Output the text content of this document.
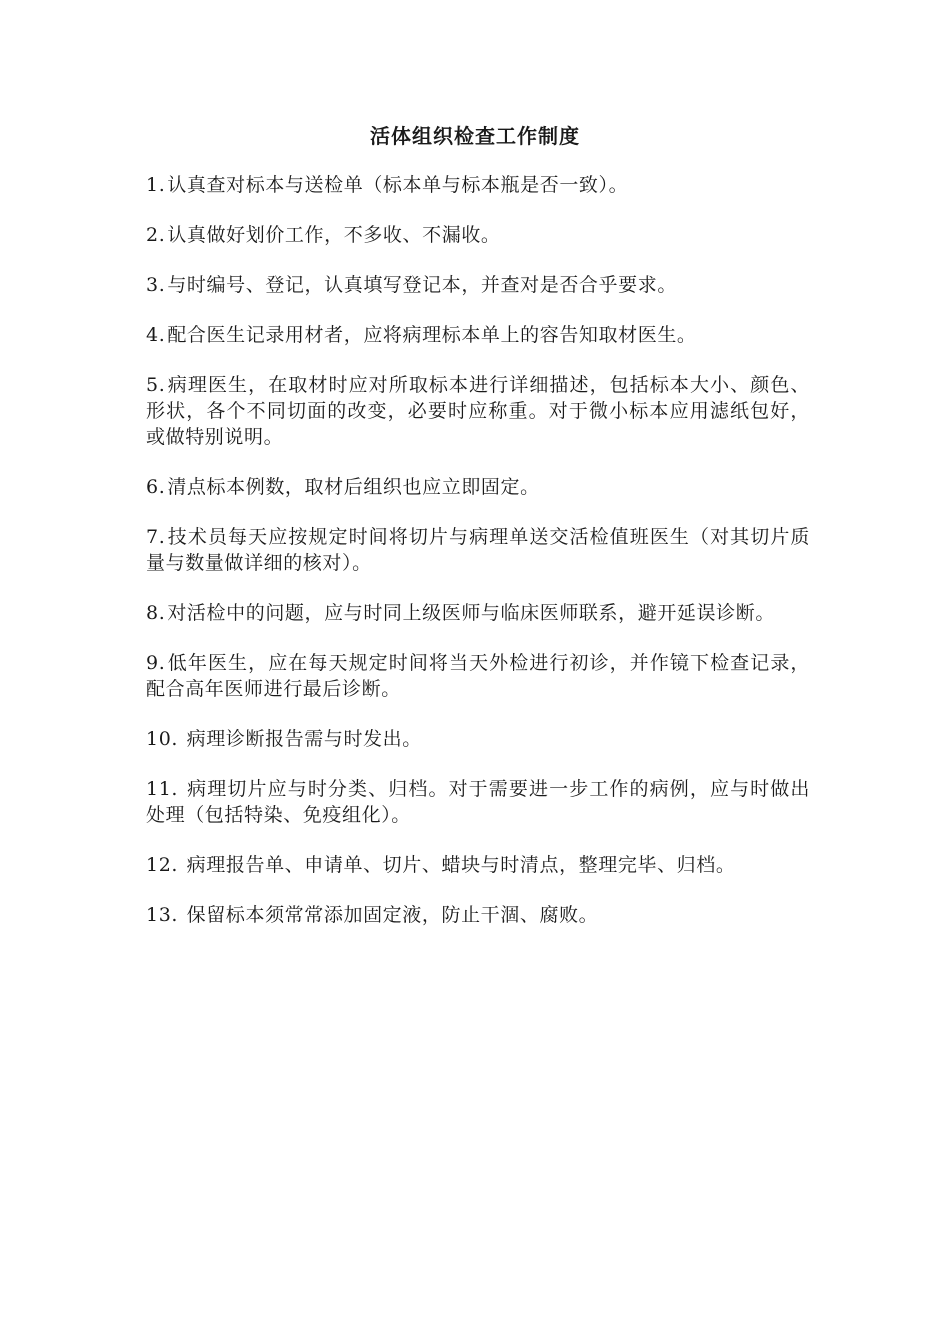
活体组织检查工作制度
1. 认真查对标本与送检单（标本单与标本瓶是否一致）。
2. 认真做好划价工作，不多收、不漏收。
3. 与时编号、登记，认真填写登记本，并查对是否合乎要求。
4. 配合医生记录用材者，应将病理标本单上的容告知取材医生。
5. 病理医生，在取材时应对所取标本进行详细描述，包括标本大小、颜色、形状，各个不同切面的改变，必要时应称重。对于微小标本应用滤纸包好，或做特别说明。
6. 清点标本例数，取材后组织也应立即固定。
7. 技术员每天应按规定时间将切片与病理单送交活检值班医生（对其切片质量与数量做详细的核对）。
8. 对活检中的问题，应与时同上级医师与临床医师联系，避开延误诊断。
9. 低年医生，应在每天规定时间将当天外检进行初诊，并作镜下检查记录，配合高年医师进行最后诊断。
10. 病理诊断报告需与时发出。
11. 病理切片应与时分类、归档。对于需要进一步工作的病例，应与时做出处理（包括特染、免疫组化）。
12. 病理报告单、申请单、切片、蜡块与时清点，整理完毕、归档。
13. 保留标本须常常添加固定液，防止干涸、腐败。
